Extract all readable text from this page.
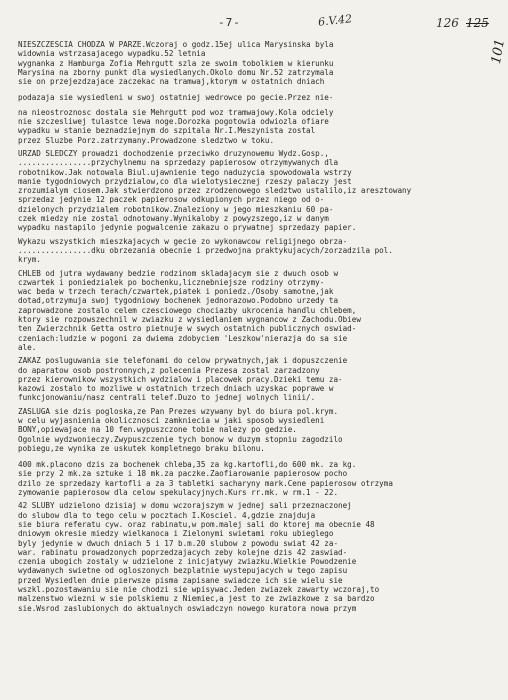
-7-	6.V.42	126 125
101
NIESZCZESCIA CHODZA W PARZE.Wczoraj o godz.15ej ulica Marysinska byla
widownia wstrzasajacego wypadku.52 letnia
wygnanka z Hamburga Zofia Mehrgutt szla ze swoim tobolkiem w kierunku
Marysina na zborny punkt dla wysiedlanych.Okolo domu Nr.52 zatrzymala
sie on przejezdzajace zaczekac na tramwaj,ktorym w ostatnich dniach
podazaja sie wysiedleni w swoj ostatniej wedrowce po gecie.Przez nie-
na nieostroznosc dostala sie Mehrgutt pod woz tramwajowy.Kola odciely
nie szczesliwej tulastce lewa noge.Dorozka pogotowia odwiozla ofiare
wypadku w stanie beznadziejnym do szpitala Nr.I.Meszynista zostal
przez Sluzbe Porz.zatrzymany.Prowadzone sledztwo w toku.
URZAD SLEDCZY prowadzi dochodzenie przeciwko druzynowemu Wydz.Gosp.,
................przychylnemu na sprzedazy papierosow otrzymywanych dla
robotnikow.Jak notowala Biul.ujawnienie tego naduzycia spowodowala wstrzy
manie tygodniowych przydzialow,co dla wielotysiecznej rzeszy palaczy jest
zrozumialym ciosem.Jak stwierdzono przez zrodzenowego sledztwo ustalilo,iz aresztowany
sprzedaz jedynie 12 paczek papierosow odkupionych przez niego od o-
dzielonych przydzialem robotnikow.Znaleziony w jego mieszkaniu 60 pa-
czek miedzy nie zostal odnotowany.Wynikaloby z powyzszego,iz w danym
wypadku nastapilo jedynie pogwalcenie zakazu o prywatnej sprzedazy papier.
Wykazu wszystkich mieszkajacych w gecie zo wykonawcow religijnego obrza-
................dku obrzezania obecnie i przedwojna praktykujacych/zorzadzila pol.
krym.
CHLEB od jutra wydawany bedzie rodzinom skladajacym sie z dwuch osob w
czwartek i poniedzialek po bochenku,licznebniejsze rodziny otrzymy-
wac beda w trzech terach/czwartek,piatek i poniedz./Osoby samotne,jak
dotad,otrzymuja swoj tygodniowy bochenek jednorazowo.Podobno urzedy ta
zaprowadzone zostalo celem czesciowego chociazby ukrocenia handlu chlebem,
ktory sie rozpowszechnil w zwiazku z wysiedlaniem wygnancow z Zachodu.Obiew
ten Zwierzchnik Getta ostro pietnuje w swych ostatnich publicznych oswiad-
czeniach:ludzie w pogoni za dwiema zdobyciem 'Leszkow'nierazja do sa sie
ale.
ZAKAZ posluguwania sie telefonami do celow prywatnych,jak i dopuszczenie
do aparatow osob postronnych,z polecenia Prezesa zostal zarzadzony
przez kierownikow wszystkich wydzialow i placowek pracy.Dzieki temu za-
kazowi zostalo to mozliwe w ostatnich trzech dniach uzyskac poprawe w
funkcjonowaniu/nasz centrali telef.Duzo to jednej wolnych linii/.
ZASLUGA sie dzis pogloska,ze Pan Prezes wzywany byl do biura pol.krym.
w celu wyjasnienia okolicznosci zamkniecia w jaki sposob wysiedleni
BONY,opiewajace na 10 fen.wypuszczone tobie nalezy po gedzie.
Ogolnie wydzwonieczy.Zwypuszczenie tych bonow w duzym stopniu zagodzilo
pobiegu,ze wynika ze uskutek kompletnego braku bilonu.
400 mk.placono dzis za bochenek chleba,35 za kg.kartofli,do 600 mk. za kg.
sie przy 2 mk.za sztuke i 18 mk.za paczke.Zaofiarowanie papierosow pocho
dzilo ze sprzedazy kartofli a za 3 tabletki sacharyny mark.Cene papierosow otrzyma
zymowanie papierosow dla celow spekulacyjnych.Kurs rr.mk. w rm.1 - 22.
42 SLUBY udzielono dzisiaj w domu wczorajszym w jednej sali przeznaczonej
do slubow dla to tego celu w pocztach I.Kosciel. 4,gdzie znajduja
sie biura referatu cyw. oraz rabinatu,w pom.malej sali do ktorej ma obecnie 48
dniowym okresie miedzy wielkanoca i Zielonymi swietami roku ubieglego
byly jedynie w dwuch dniach 5 i 17 b.m.20 slubow z powodu swiat 42 za-
war. rabinatu prowadzonych poprzedzajacych zeby kolejne dzis 42 zaswiad-
czenia ubogich zostaly w udzielone z inicjatywy zwiazku.Wielkie Powodzenie
wydawanych swietne od ogloszonych bezplatnie wystepujacych w tego zapisu
przed Wysiedlen dnie pierwsze pisma zapisane swiadcze ich sie wielu sie
wszkl.pozostawaniu sie nie chodzi sie wpisywac.Jeden zwiazek zawarty wczoraj,to
malzenstwo wiezni w sie polskiemu z Niemiec,a jest to ze zwiazkowe z sa bardzo
sie.Wsrod zaslubionych do aktualnych oswiadczyn nowego kuratora nowa przym
